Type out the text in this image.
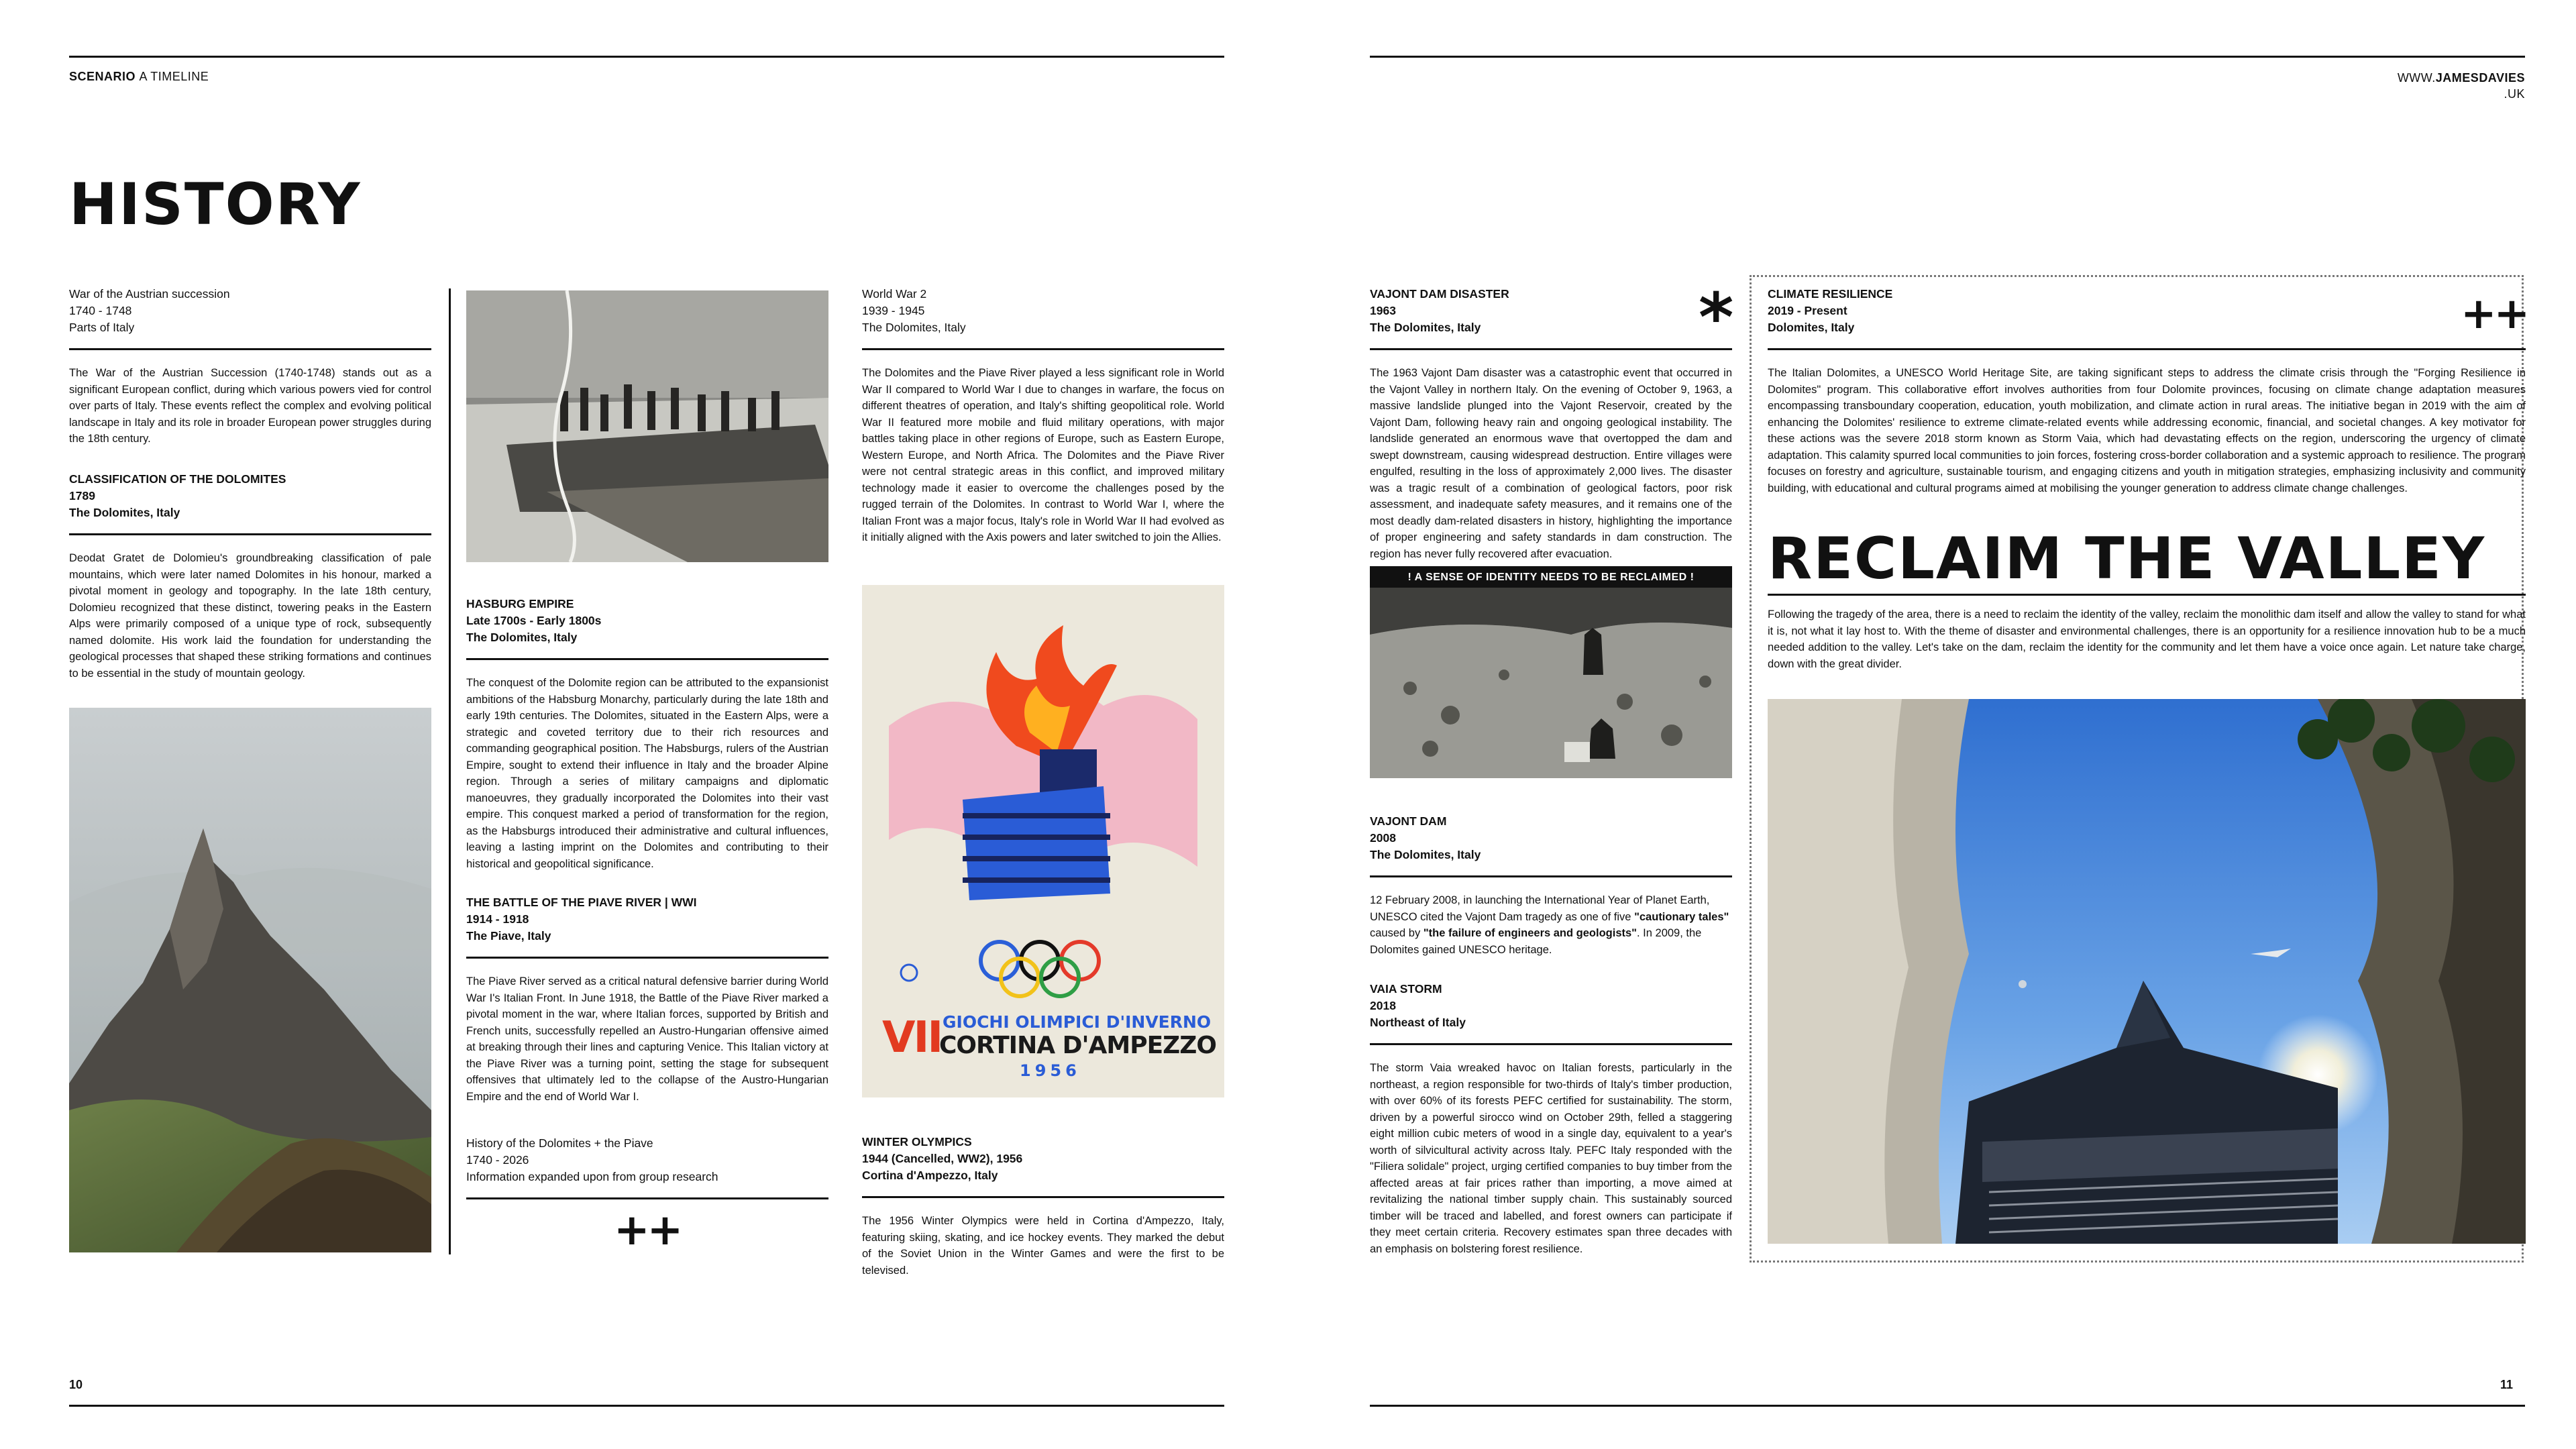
SCENARIO A TIMELINE
HISTORY
War of the Austrian succession
1740 - 1748
Parts of Italy
The War of the Austrian Succession (1740-1748) stands out as a significant European conflict, during which various powers vied for control over parts of Italy. These events reflect the complex and evolving political landscape in Italy and its role in broader European power struggles during the 18th century.
CLASSIFICATION OF THE DOLOMITES
1789
The Dolomites, Italy
Deodat Gratet de Dolomieu's groundbreaking classification of pale mountains, which were later named Dolomites in his honour, marked a pivotal moment in geology and topography. In the late 18th century, Dolomieu recognized that these distinct, towering peaks in the Eastern Alps were primarily composed of a unique type of rock, subsequently named dolomite. His work laid the foundation for understanding the geological processes that shaped these striking formations and continues to be essential in the study of mountain geology.
HASBURG EMPIRE
Late 1700s - Early 1800s
The Dolomites, Italy
The conquest of the Dolomite region can be attributed to the expansionist ambitions of the Habsburg Monarchy, particularly during the late 18th and early 19th centuries. The Dolomites, situated in the Eastern Alps, were a strategic and coveted territory due to their rich resources and commanding geographical position. The Habsburgs, rulers of the Austrian Empire, sought to extend their influence in Italy and the broader Alpine region. Through a series of military campaigns and diplomatic manoeuvres, they gradually incorporated the Dolomites into their vast empire. This conquest marked a period of transformation for the region, as the Habsburgs introduced their administrative and cultural influences, leaving a lasting imprint on the Dolomites and contributing to their historical and geopolitical significance.
THE BATTLE OF THE PIAVE RIVER | WWI
1914 - 1918
The Piave, Italy
The Piave River served as a critical natural defensive barrier during World War I's Italian Front. In June 1918, the Battle of the Piave River marked a pivotal moment in the war, where Italian forces, supported by British and French units, successfully repelled an Austro-Hungarian offensive aimed at breaking through their lines and capturing Venice. This Italian victory at the Piave River was a turning point, setting the stage for subsequent offensives that ultimately led to the collapse of the Austro-Hungarian Empire and the end of World War I.
History of the Dolomites + the Piave
1740 - 2026
Information expanded upon from group research
++
World War 2
1939 - 1945
The Dolomites, Italy
The Dolomites and the Piave River played a less significant role in World War II compared to World War I due to changes in warfare, the focus on different theatres of operation, and Italy's shifting geopolitical role. World War II featured more mobile and fluid military operations, with major battles taking place in other regions of Europe, such as Eastern Europe, Western Europe, and North Africa. The Dolomites and the Piave River were not central strategic areas in this conflict, and improved military technology made it easier to overcome the challenges posed by the rugged terrain of the Dolomites. In contrast to World War I, where the Italian Front was a major focus, Italy's role in World War II had evolved as it initially aligned with the Axis powers and later switched to join the Allies.
VII GIOCHI OLIMPICI D'INVERNO
CORTINA D'AMPEZZO
1956
WINTER OLYMPICS
1944 (Cancelled, WW2), 1956
Cortina d'Ampezzo, Italy
The 1956 Winter Olympics were held in Cortina d'Ampezzo, Italy, featuring skiing, skating, and ice hockey events. They marked the debut of the Soviet Union in the Winter Games and were the first to be televised.
10
WWW.JAMESDAVIES
.UK
VAJONT DAM DISASTER
1963
The Dolomites, Italy
The 1963 Vajont Dam disaster was a catastrophic event that occurred in the Vajont Valley in northern Italy. On the evening of October 9, 1963, a massive landslide plunged into the Vajont Reservoir, created by the Vajont Dam, following heavy rain and ongoing geological instability. The landslide generated an enormous wave that overtopped the dam and swept downstream, causing widespread destruction. Entire villages were engulfed, resulting in the loss of approximately 2,000 lives. The disaster was a tragic result of a combination of geological factors, poor risk assessment, and inadequate safety measures, and it remains one of the most deadly dam-related disasters in history, highlighting the importance of proper engineering and safety standards in dam construction. The region has never fully recovered after evacuation.
! A SENSE OF IDENTITY NEEDS TO BE RECLAIMED !
*
VAJONT DAM
2008
The Dolomites, Italy
12 February 2008, in launching the International Year of Planet Earth, UNESCO cited the Vajont Dam tragedy as one of five "cautionary tales" caused by "the failure of engineers and geologists". In 2009, the Dolomites gained UNESCO heritage.
VAIA STORM
2018
Northeast of Italy
The storm Vaia wreaked havoc on Italian forests, particularly in the northeast, a region responsible for two-thirds of Italy's timber production, with over 60% of its forests PEFC certified for sustainability. The storm, driven by a powerful sirocco wind on October 29th, felled a staggering eight million cubic meters of wood in a single day, equivalent to a year's worth of silvicultural activity across Italy. PEFC Italy responded with the "Filiera solidale" project, urging certified companies to buy timber from the affected areas at fair prices rather than importing, a move aimed at revitalizing the national timber supply chain. This sustainably sourced timber will be traced and labelled, and forest owners can participate if they meet certain criteria. Recovery estimates span three decades with an emphasis on bolstering forest resilience.
CLIMATE RESILIENCE
2019 - Present
Dolomites, Italy
The Italian Dolomites, a UNESCO World Heritage Site, are taking significant steps to address the climate crisis through the "Forging Resilience in Dolomites" program. This collaborative effort involves authorities from four Dolomite provinces, focusing on climate change adaptation measures encompassing transboundary cooperation, education, youth mobilization, and climate action in rural areas. The initiative began in 2019 with the aim of enhancing the Dolomites' resilience to extreme climate-related events while addressing economic, financial, and societal changes. A key motivator for these actions was the severe 2018 storm known as Storm Vaia, which had devastating effects on the region, underscoring the urgency of climate adaptation. This calamity spurred local communities to join forces, fostering cross-border collaboration and a systemic approach to resilience. The program focuses on forestry and agriculture, sustainable tourism, and engaging citizens and youth in mitigation strategies, emphasizing inclusivity and community building, with educational and cultural programs aimed at mobilising the younger generation to address climate change challenges.
++
RECLAIM THE VALLEY
Following the tragedy of the area, there is a need to reclaim the identity of the valley, reclaim the monolithic dam itself and allow the valley to stand for what it is, not what it lay host to. With the theme of disaster and environmental challenges, there is an opportunity for a resilience innovation hub to be a much needed addition to the valley. Let's take on the dam, reclaim the identity for the community and let them have a voice once again. Let nature take charge, down with the great divider.
11
